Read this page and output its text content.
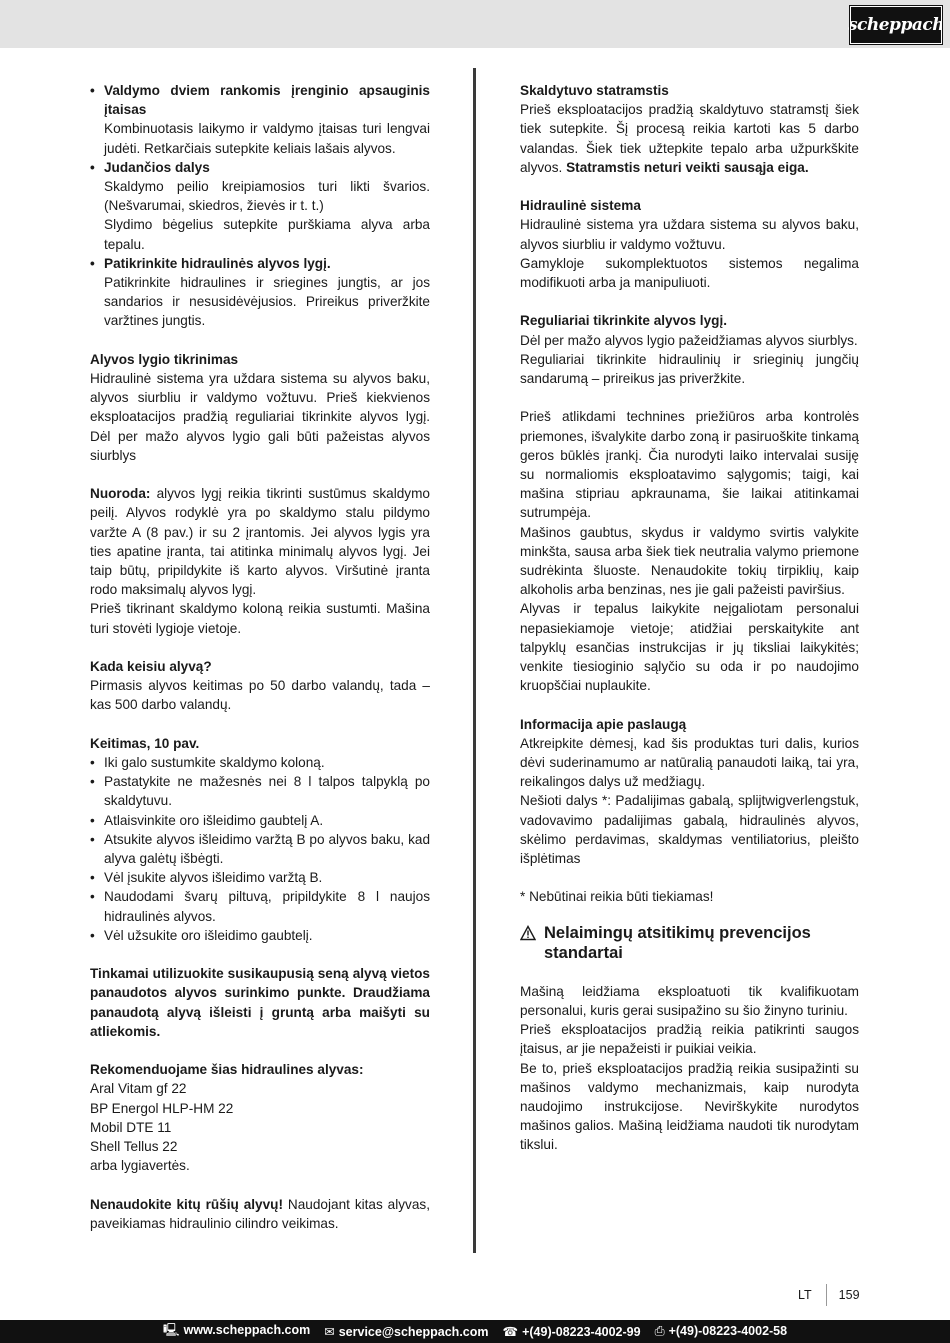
scheppach
• Valdymo dviem rankomis įrenginio apsauginis įtaisas

Kombinuotasis laikymo ir valdymo įtaisas turi lengvai judėti. Retkarčiais sutepkite keliais lašais alyvos.

• Judančios dalys

Skaldymo peilio kreipiamosios turi likti švarios. (Nešvarumai, skiedros, žievės ir t. t.)

Slydimo bėgelius sutepkite purškiama alyva arba tepalu.

• Patikrinkite hidraulinės alyvos lygį.

Patikrinkite hidraulines ir sriegines jungtis, ar jos sandarios ir nesusidėvėjusios. Prireikus priveržkite varžtines jungtis.

Alyvos lygio tikrinimas

Hidraulinė sistema yra uždara sistema su alyvos baku, alyvos siurbliu ir valdymo vožtuvu. Prieš kiekvienos eksploatacijos pradžią reguliariai tikrinkite alyvos lygį. Dėl per mažo alyvos lygio gali būti pažeistas alyvos siurblys

Nuoroda: alyvos lygį reikia tikrinti sustūmus skaldymo peilį. Alyvos rodyklė yra po skaldymo stalu pildymo varžte A (8 pav.) ir su 2 įrantomis. Jei alyvos lygis yra ties apatine įranta, tai atitinka minimalų alyvos lygį. Jei taip būtų, pripildykite iš karto alyvos. Viršutinė įranta rodo maksimalų alyvos lygį.

Prieš tikrinant skaldymo koloną reikia sustumti. Mašina turi stovėti lygioje vietoje.

Kada keisiu alyvą?

Pirmasis alyvos keitimas po 50 darbo valandų, tada – kas 500 darbo valandų.

Keitimas, 10 pav.
• Iki galo sustumkite skaldymo koloną.
• Pastatykite ne mažesnės nei 8 l talpos talpyklą po skaldytuvu.
• Atlaisvinkite oro išleidimo gaubtelį A.
• Atsukite alyvos išleidimo varžtą B po alyvos baku, kad alyva galėtų išbėgti.
• Vėl įsukite alyvos išleidimo varžtą B.
• Naudodami švarų piltuvą, pripildykite 8 l naujos hidraulinės alyvos.
• Vėl užsukite oro išleidimo gaubtelį.

Tinkamai utilizuokite susikaupusią seną alyvą vietos panaudotos alyvos surinkimo punkte. Draudžiama panaudotą alyvą išleisti į gruntą arba maišyti su atliekomis.

Rekomenduojame šias hidraulines alyvas:
Aral Vitam gf 22
BP Energol HLP-HM 22
Mobil DTE 11
Shell Tellus 22
arba lygiavertės.

Nenaudokite kitų rūšių alyvų! Naudojant kitas alyvas, paveikiamas hidraulinio cilindro veikimas.

Skaldytuvo statramstis

Prieš eksploatacijos pradžią skaldytuvo statramstį šiek tiek sutepkite. Šį procesą reikia kartoti kas 5 darbo valandas. Šiek tiek užtepkite tepalo arba užpurkškite alyvos. Statramstis neturi veikti sausąja eiga.

Hidraulinė sistema

Hidraulinė sistema yra uždara sistema su alyvos baku, alyvos siurbliu ir valdymo vožtuvu.

Gamykloje sukomplektuotos sistemos negalima modifikuoti arba ja manipuliuoti.

Reguliariai tikrinkite alyvos lygį.

Dėl per mažo alyvos lygio pažeidžiamas alyvos siurblys.

Reguliariai tikrinkite hidraulinių ir srieginių jungčių sandarumą – prireikus jas priveržkite.

Prieš atlikdami technines priežiūros arba kontrolės priemones, išvalykite darbo zoną ir pasiruoškite tinkamą geros būklės įrankį. Čia nurodyti laiko intervalai susiję su normaliomis eksploatavimo sąlygomis; taigi, kai mašina stipriau apkraunama, šie laikai atitinkamai sutrumpėja.

Mašinos gaubtus, skydus ir valdymo svirtis valykite minkšta, sausa arba šiek tiek neutralia valymo priemone sudrėkinta šluoste. Nenaudokite tokių tirpiklių, kaip alkoholis arba benzinas, nes jie gali pažeisti paviršius.

Alyvas ir tepalus laikykite neįgaliotam personalui nepasiekiamoje vietoje; atidžiai perskaitykite ant talpyklų esančias instrukcijas ir jų tiksliai laikykitės; venkite tiesioginio sąlyčio su oda ir po naudojimo kruopščiai nuplaukite.

Informacija apie paslaugą

Atkreipkite dėmesį, kad šis produktas turi dalis, kurios dėvi suderinamumo ar natūralią panaudoti laiką, tai yra, reikalingos dalys už medžiagų.

Nešioti dalys *: Padalijimas gabalą, splijtwigverlengstuk, vadovavimo padalijimas gabalą, hidraulinės alyvos, skėlimo perdavimas, skaldymas ventiliatorius, pleišto išplėtimas

* Nebūtinai reikia būti tiekiamas!

Nelaimingų atsitikimų prevencijos standartai

Mašiną leidžiama eksploatuoti tik kvalifikuotam personalui, kuris gerai susipažino su šio žinyno turiniu.

Prieš eksploatacijos pradžią reikia patikrinti saugos įtaisus, ar jie nepažeisti ir puikiai veikia.

Be to, prieš eksploatacijos pradžią reikia susipažinti su mašinos valdymo mechanizmais, kaip nurodyta naudojimo instrukcijose. Nevirškykite nurodytos mašinos galios. Mašiną leidžiama naudoti tik nurodytam tikslui.

LT 159
🖳 www.scheppach.com ✉ service@scheppach.com ☎ +(49)-08223-4002-99 ⎙ +(49)-08223-4002-58
